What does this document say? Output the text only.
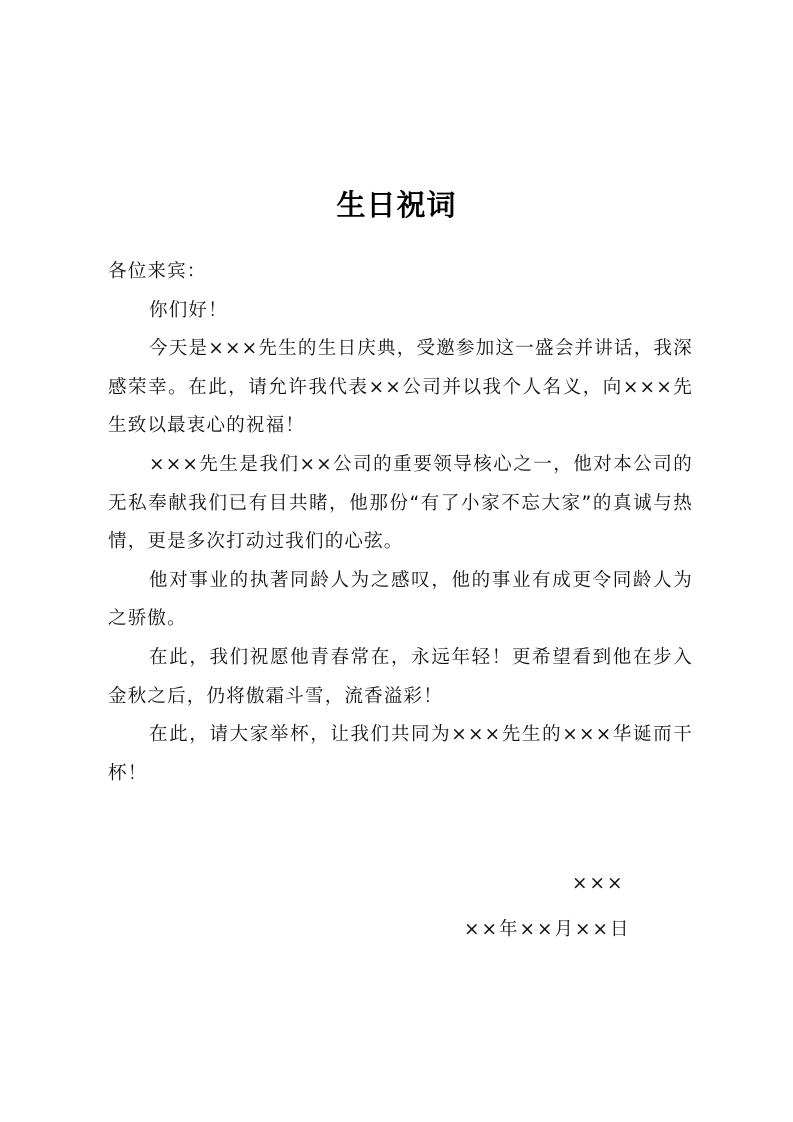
生日祝词

各位来宾：

你们好！

今天是×××先生的生日庆典，受邀参加这一盛会并讲话，我深感荣幸。在此，请允许我代表××公司并以我个人名义，向×××先生致以最衷心的祝福！

×××先生是我们××公司的重要领导核心之一，他对本公司的无私奉献我们已有目共睹，他那份“有了小家不忘大家”的真诚与热情，更是多次打动过我们的心弦。

他对事业的执著同龄人为之感叹，他的事业有成更令同龄人为之骄傲。

在此，我们祝愿他青春常在，永远年轻！更希望看到他在步入金秋之后，仍将傲霜斗雪，流香溢彩！

在此，请大家举杯，让我们共同为×××先生的×××华诞而干杯！

×××
××年××月××日
